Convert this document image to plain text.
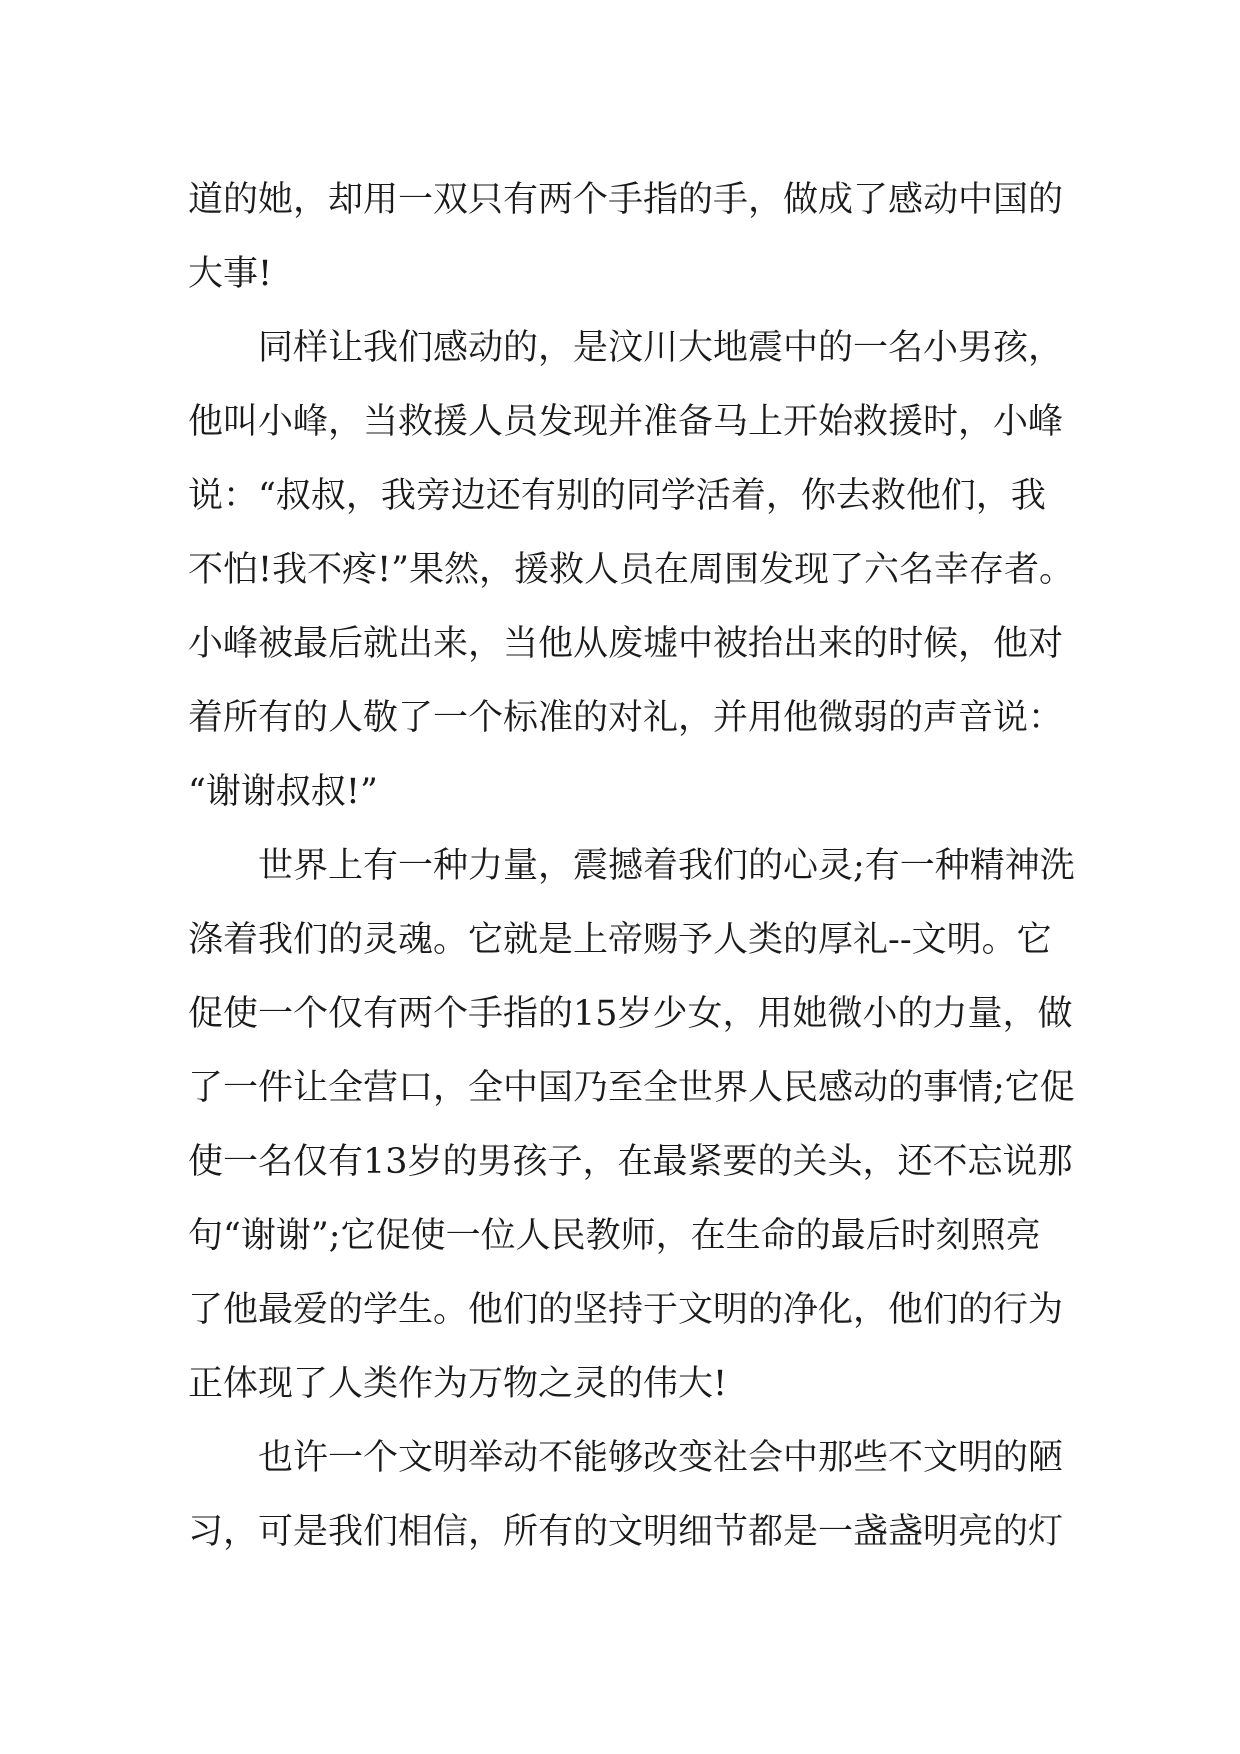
道的她，却用一双只有两个手指的手，做成了感动中国的
大事!
同样让我们感动的，是汶川大地震中的一名小男孩，
他叫小峰，当救援人员发现并准备马上开始救援时，小峰
说：“叔叔，我旁边还有别的同学活着，你去救他们，我
不怕!我不疼!”果然，援救人员在周围发现了六名幸存者。
小峰被最后就出来，当他从废墟中被抬出来的时候，他对
着所有的人敬了一个标准的对礼，并用他微弱的声音说：
“谢谢叔叔!”
世界上有一种力量，震撼着我们的心灵;有一种精神洗
涤着我们的灵魂。它就是上帝赐予人类的厚礼--文明。它
促使一个仅有两个手指的15岁少女，用她微小的力量，做
了一件让全营口，全中国乃至全世界人民感动的事情;它促
使一名仅有13岁的男孩子，在最紧要的关头，还不忘说那
句“谢谢”;它促使一位人民教师，在生命的最后时刻照亮
了他最爱的学生。他们的坚持于文明的净化，他们的行为
正体现了人类作为万物之灵的伟大!
也许一个文明举动不能够改变社会中那些不文明的陋
习，可是我们相信，所有的文明细节都是一盏盏明亮的灯
